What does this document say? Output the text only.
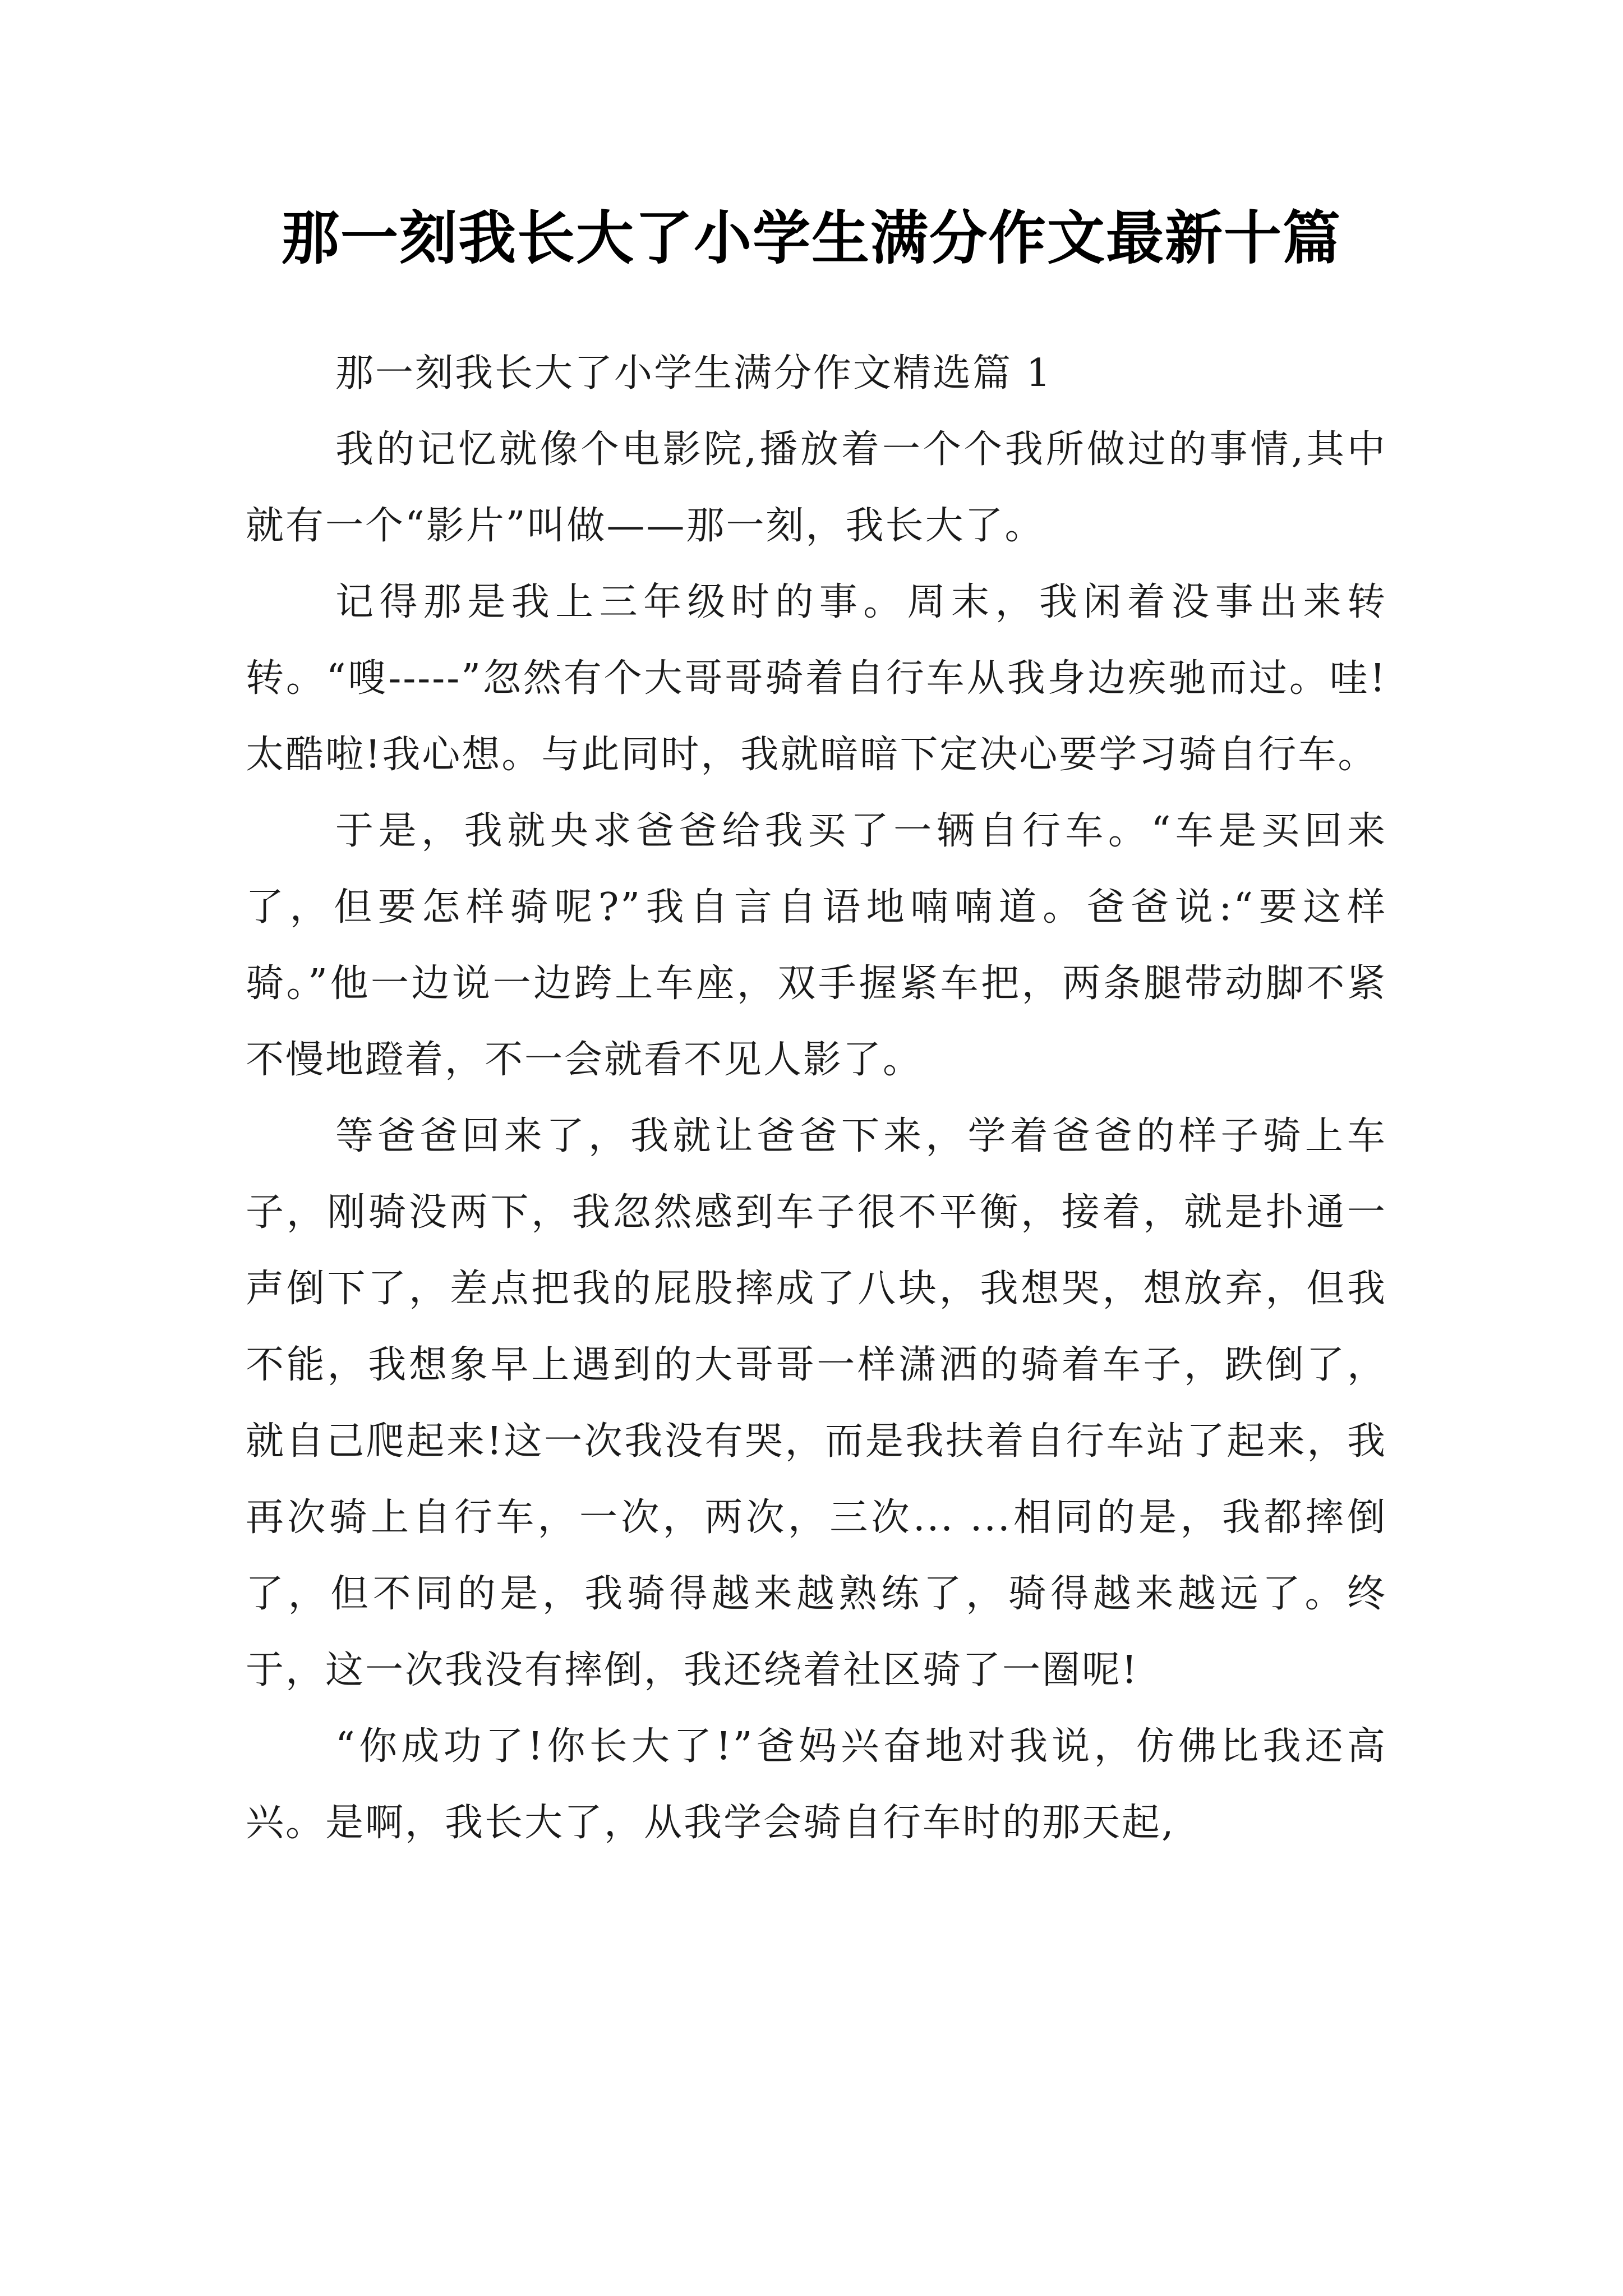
那一刻我长大了小学生满分作文最新十篇

那一刻我长大了小学生满分作文精选篇 1

我的记忆就像个电影院,播放着一个个我所做过的事情,其中就有一个“影片”叫做——那一刻，我长大了。

记得那是我上三年级时的事。周末，我闲着没事出来转转。“嗖-----”忽然有个大哥哥骑着自行车从我身边疾驰而过。哇!太酷啦!我心想。与此同时，我就暗暗下定决心要学习骑自行车。

于是，我就央求爸爸给我买了一辆自行车。“车是买回来了，但要怎样骑呢?”我自言自语地喃喃道。爸爸说:“要这样骑。”他一边说一边跨上车座，双手握紧车把，两条腿带动脚不紧不慢地蹬着，不一会就看不见人影了。

等爸爸回来了，我就让爸爸下来，学着爸爸的样子骑上车子，刚骑没两下，我忽然感到车子很不平衡，接着，就是扑通一声倒下了，差点把我的屁股摔成了八块，我想哭，想放弃，但我不能，我想象早上遇到的大哥哥一样潇洒的骑着车子，跌倒了，就自己爬起来!这一次我没有哭，而是我扶着自行车站了起来，我再次骑上自行车，一次，两次，三次... ...相同的是，我都摔倒了，但不同的是，我骑得越来越熟练了，骑得越来越远了。终于，这一次我没有摔倒，我还绕着社区骑了一圈呢!

“你成功了!你长大了!”爸妈兴奋地对我说，仿佛比我还高兴。是啊，我长大了，从我学会骑自行车时的那天起,
